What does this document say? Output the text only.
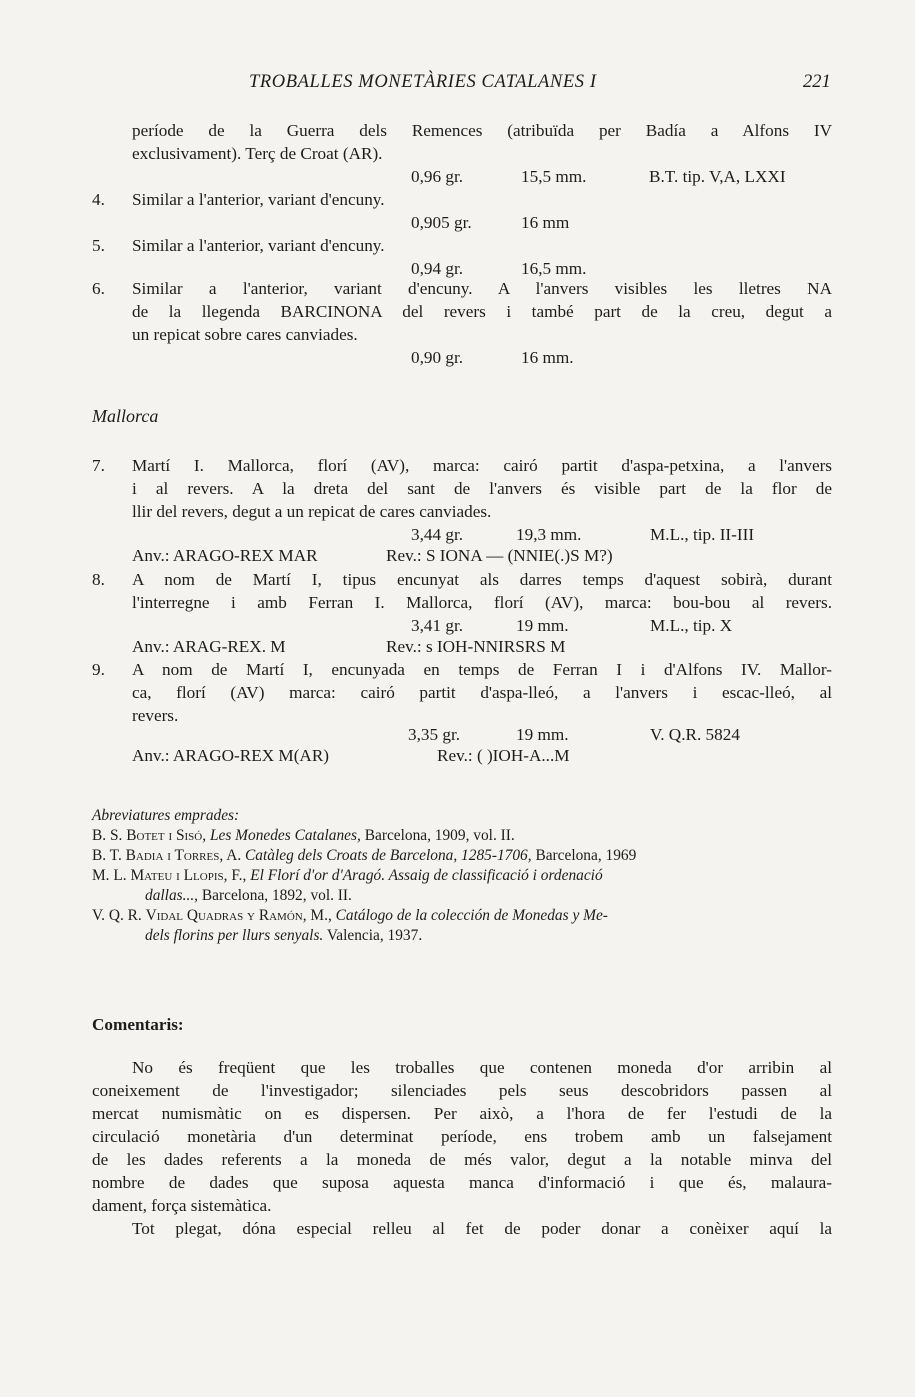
TROBALLES MONETÀRIES CATALANES I	221
període de la Guerra dels Remences (atribuïda per Badía a Alfons IV
exclusivament). Terç de Croat (AR).
0,96 gr.	15,5 mm.	B.T. tip. V,A, LXXI
4. Similar a l'anterior, variant d'encuny.
0,905 gr.	16 mm
5. Similar a l'anterior, variant d'encuny.
0,94 gr.	16,5 mm.
6. Similar a l'anterior, variant d'encuny. A l'anvers visibles les lletres NA
de la llegenda BARCINONA del revers i també part de la creu, degut a
un repicat sobre cares canviades.
0,90 gr.	16 mm.
Mallorca
7. Martí I. Mallorca, florí (AV), marca: cairó partit d'aspa-petxina, a l'anvers
i al revers. A la dreta del sant de l'anvers és visible part de la flor de
llir del revers, degut a un repicat de cares canviades.
3,44 gr.	19,3 mm.	M.L., tip. II-III
Anv.: ARAGO-REX MAR	Rev.: S IONA — (NNIE(.)S M?)
8. A nom de Martí I, tipus encunyat als darres temps d'aquest sobirà, durant
l'interregne i amb Ferran I. Mallorca, florí (AV), marca: bou-bou al revers.
3,41 gr.	19 mm.	M.L., tip. X
Anv.: ARAG-REX. M	Rev.: s IOH-NNIRSRS M
9. A nom de Martí I, encunyada en temps de Ferran I i d'Alfons IV. Mallor-
ca, florí (AV) marca: cairó partit d'aspa-lleó, a l'anvers i escac-lleó, al
revers.
3,35 gr.	19 mm.	V. Q.R. 5824
Anv.: ARAGO-REX M(AR)	Rev.: ( )IOH-A...M
Abreviatures emprades:
B. S. Botet i Sisó, Les Monedes Catalanes, Barcelona, 1909, vol. II.
B. T. Badia i Torres, A. Catàleg dels Croats de Barcelona, 1285-1706, Barcelona, 1969
M. L. Mateu i Llopis, F., El Florí d'or d'Aragó. Assaig de classificació i ordenació
dallas..., Barcelona, 1892, vol. II.
V. Q. R. Vidal Quadras y Ramón, M., Catálogo de la colección de Monedas y Me-
dels florins per llurs senyals. Valencia, 1937.
Comentaris:
No és freqüent que les troballes que contenen moneda d'or arribin al
coneixement de l'investigador; silenciades pels seus descobridors passen al
mercat numismàtic on es dispersen. Per això, a l'hora de fer l'estudi de la
circulació monetària d'un determinat període, ens trobem amb un falsejament
de les dades referents a la moneda de més valor, degut a la notable minva del
nombre de dades que suposa aquesta manca d'informació i que és, malaura-
dament, força sistemàtica.
Tot plegat, dóna especial relleu al fet de poder donar a conèixer aquí la
